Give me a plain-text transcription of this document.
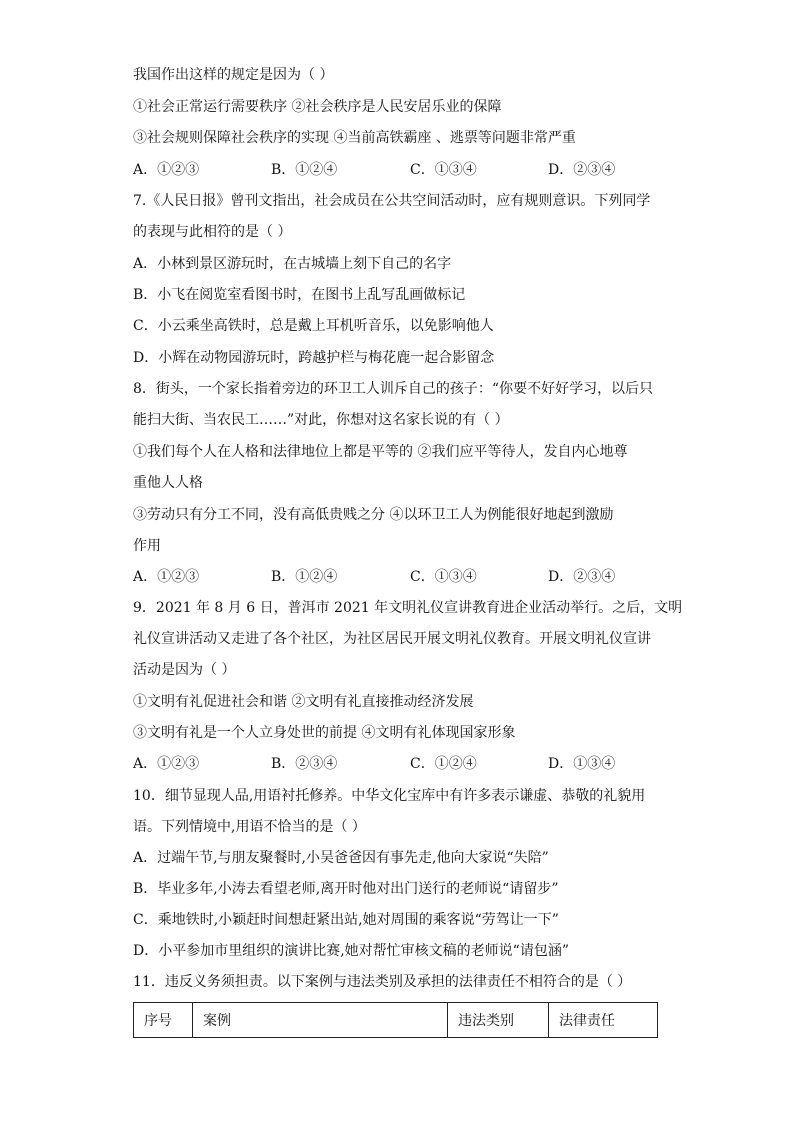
我国作出这样的规定是因为（ ）
①社会正常运行需要秩序 ②社会秩序是人民安居乐业的保障
③社会规则保障社会秩序的实现 ④当前高铁霸座 、逃票等问题非常严重
A．①②③	B．①②④	C．①③④	D．②③④
7.《人民日报》曾刊文指出，社会成员在公共空间活动时，应有规则意识。下列同学
的表现与此相符的是（ ）
A．小林到景区游玩时，在古城墙上刻下自己的名字
B．小飞在阅览室看图书时，在图书上乱写乱画做标记
C．小云乘坐高铁时，总是戴上耳机听音乐，以免影响他人
D．小辉在动物园游玩时，跨越护栏与梅花鹿一起合影留念
8．街头，一个家长指着旁边的环卫工人训斥自己的孩子：“你要不好好学习，以后只
能扫大街、当农民工……”对此，你想对这名家长说的有（ ）
①我们每个人在人格和法律地位上都是平等的 ②我们应平等待人，发自内心地尊
重他人人格
③劳动只有分工不同，没有高低贵贱之分 ④以环卫工人为例能很好地起到激励
作用
A．①②③	B．①②④	C．①③④	D．②③④
9．2021 年 8 月 6 日，普洱市 2021 年文明礼仪宣讲教育进企业活动举行。之后，文明
礼仪宣讲活动又走进了各个社区，为社区居民开展文明礼仪教育。开展文明礼仪宣讲
活动是因为（ ）
①文明有礼促进社会和谐 ②文明有礼直接推动经济发展
③文明有礼是一个人立身处世的前提 ④文明有礼体现国家形象
A．①②③	B．②③④	C．①②④	D．①③④
10．细节显现人品,用语衬托修养。中华文化宝库中有许多表示谦虚、恭敬的礼貌用
语。下列情境中,用语不恰当的是（ ）
A．过端午节,与朋友聚餐时,小吴爸爸因有事先走,他向大家说“失陪”
B．毕业多年,小涛去看望老师,离开时他对出门送行的老师说“请留步”
C．乘地铁时,小颖赶时间想赶紧出站,她对周围的乘客说“劳驾让一下”
D．小平参加市里组织的演讲比赛,她对帮忙审核文稿的老师说“请包涵”
11．违反义务须担责。以下案例与违法类别及承担的法律责任不相符合的是（ ）
序号	案例	违法类别	法律责任
